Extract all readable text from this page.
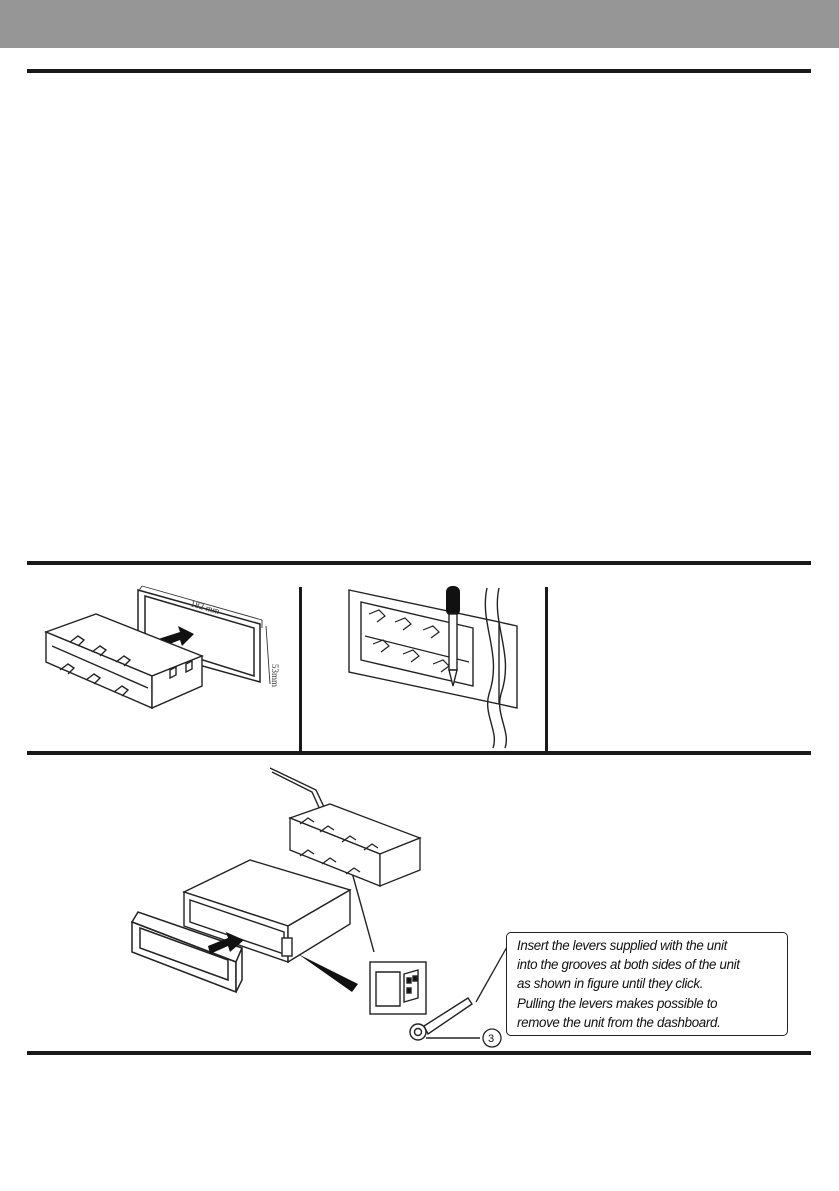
182 mm
53mm
3
Insert the levers supplied with the unit
into the grooves at both sides of the unit
as shown in figure until they click.
Pulling the levers makes possible to
remove the unit from the dashboard.
